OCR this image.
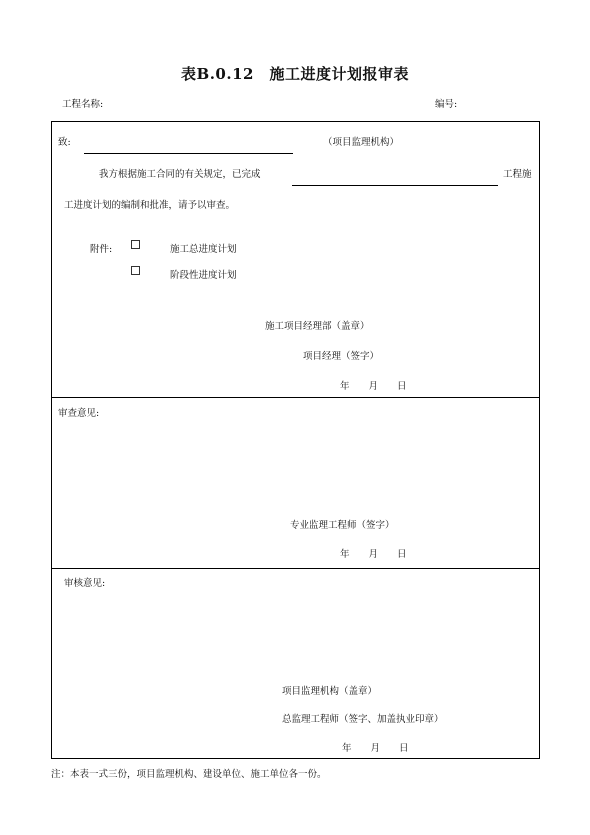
表B.0.12　施工进度计划报审表
工程名称:	编号:
致:	（项目监理机构）
我方根据施工合同的有关规定，已完成	工程施
工进度计划的编制和批准，请予以审查。
附件:	施工总进度计划
阶段性进度计划
施工项目经理部（盖章）
项目经理（签字）
年　　月　　日
审查意见:
专业监理工程师（签字）
年　　月　　日
审核意见:
项目监理机构（盖章）
总监理工程师（签字、加盖执业印章）
年　　月　　日
注：本表一式三份，项目监理机构、建设单位、施工单位各一份。
